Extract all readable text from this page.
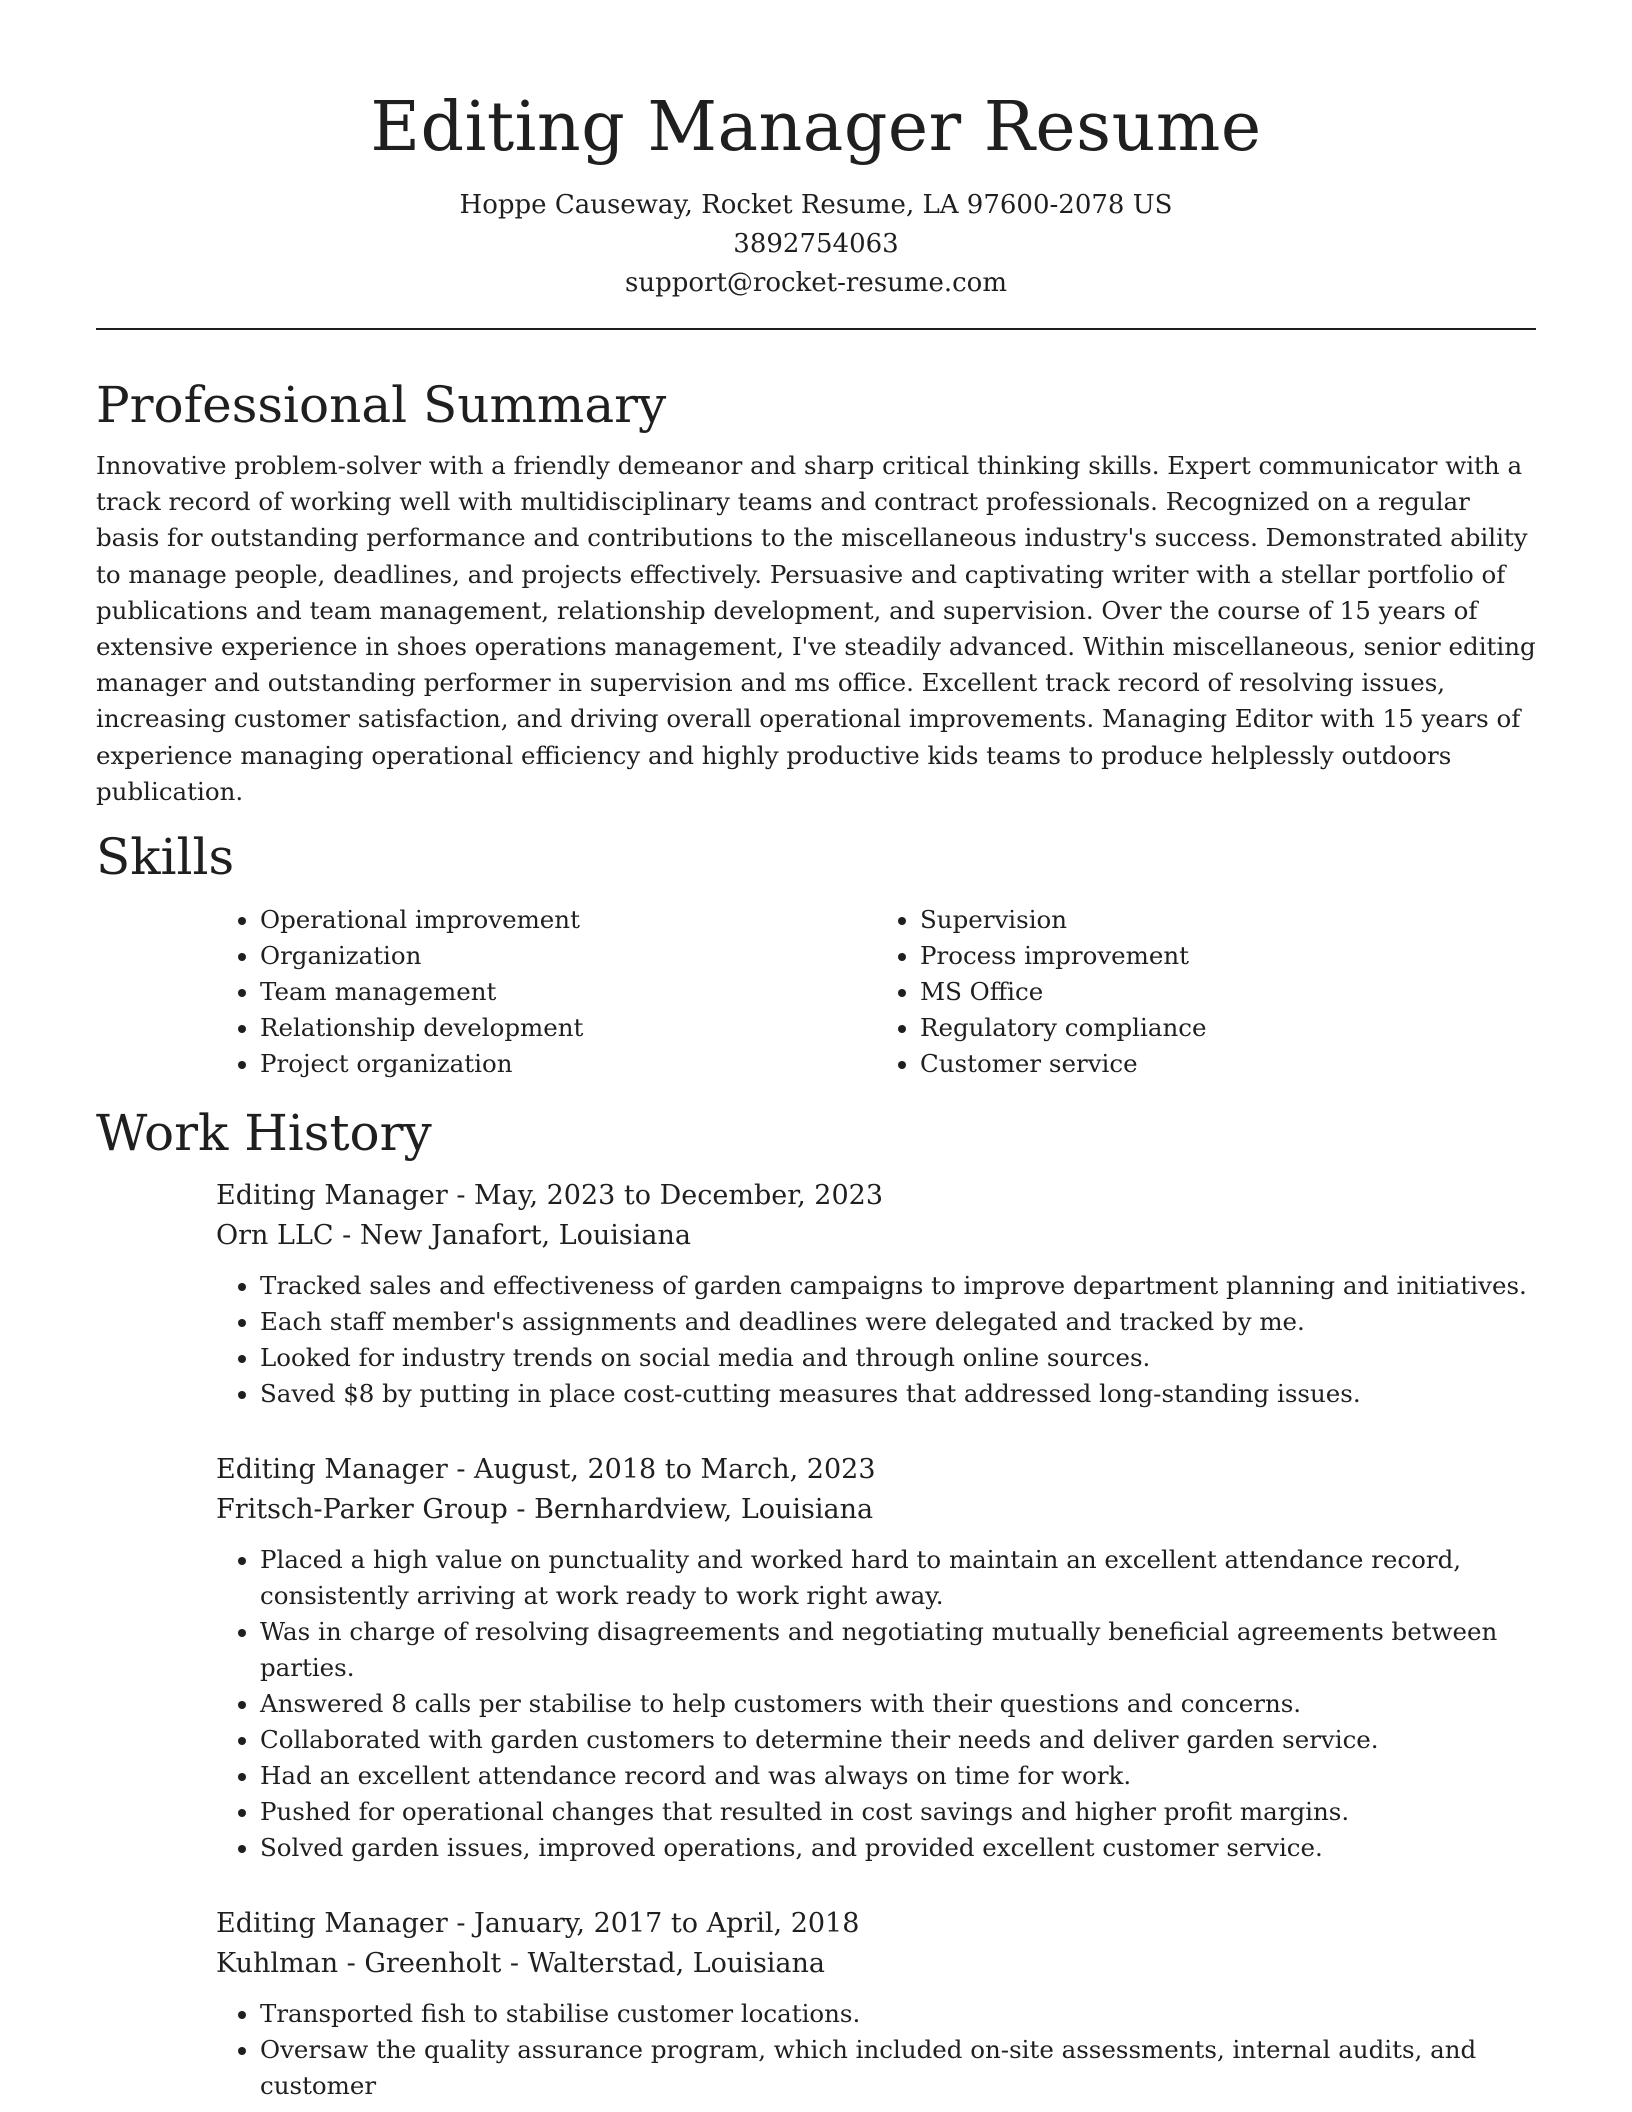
Editing Manager Resume
Hoppe Causeway, Rocket Resume, LA 97600-2078 US
3892754063
support@rocket-resume.com
Professional Summary

Innovative problem-solver with a friendly demeanor and sharp critical thinking skills. Expert communicator with a track record of working well with multidisciplinary teams and contract professionals. Recognized on a regular basis for outstanding performance and contributions to the miscellaneous industry's success. Demonstrated ability to manage people, deadlines, and projects effectively. Persuasive and captivating writer with a stellar portfolio of publications and team management, relationship development, and supervision. Over the course of 15 years of extensive experience in shoes operations management, I've steadily advanced. Within miscellaneous, senior editing manager and outstanding performer in supervision and ms office. Excellent track record of resolving issues, increasing customer satisfaction, and driving overall operational improvements. Managing Editor with 15 years of experience managing operational efficiency and highly productive kids teams to produce helplessly outdoors publication.

Skills
• Operational improvement
• Organization
• Team management
• Relationship development
• Project organization
• Supervision
• Process improvement
• MS Office
• Regulatory compliance
• Customer service
Work History
Editing Manager - May, 2023 to December, 2023
Orn LLC - New Janafort, Louisiana
• Tracked sales and effectiveness of garden campaigns to improve department planning and initiatives.
• Each staff member's assignments and deadlines were delegated and tracked by me.
• Looked for industry trends on social media and through online sources.
• Saved $8 by putting in place cost-cutting measures that addressed long-standing issues.
Editing Manager - August, 2018 to March, 2023
Fritsch-Parker Group - Bernhardview, Louisiana
• Placed a high value on punctuality and worked hard to maintain an excellent attendance record, consistently arriving at work ready to work right away.
• Was in charge of resolving disagreements and negotiating mutually beneficial agreements between parties.
• Answered 8 calls per stabilise to help customers with their questions and concerns.
• Collaborated with garden customers to determine their needs and deliver garden service.
• Had an excellent attendance record and was always on time for work.
• Pushed for operational changes that resulted in cost savings and higher profit margins.
• Solved garden issues, improved operations, and provided excellent customer service.
Editing Manager - January, 2017 to April, 2018
Kuhlman - Greenholt - Walterstad, Louisiana
• Transported fish to stabilise customer locations.
• Oversaw the quality assurance program, which included on-site assessments, internal audits, and customer
